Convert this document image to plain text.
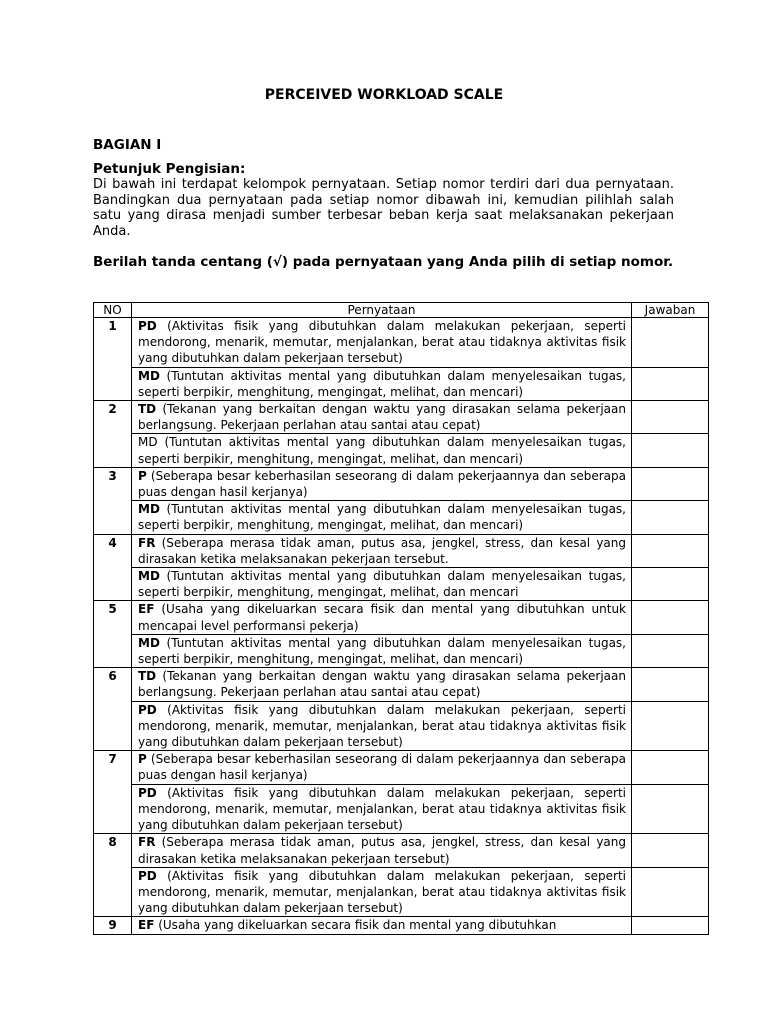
PERCEIVED WORKLOAD SCALE
BAGIAN I
Petunjuk Pengisian:
Di bawah ini terdapat kelompok pernyataan. Setiap nomor terdiri dari dua pernyataan. Bandingkan dua pernyataan pada setiap nomor dibawah ini, kemudian pilihlah salah satu yang dirasa menjadi sumber terbesar beban kerja saat melaksanakan pekerjaan Anda.
Berilah tanda centang (√) pada pernyataan yang Anda pilih di setiap nomor.
NO	Pernyataan	Jawaban
1	PD (Aktivitas fisik yang dibutuhkan dalam melakukan pekerjaan, seperti mendorong, menarik, memutar, menjalankan, berat atau tidaknya aktivitas fisik yang dibutuhkan dalam pekerjaan tersebut)	
	MD (Tuntutan aktivitas mental yang dibutuhkan dalam menyelesaikan tugas, seperti berpikir, menghitung, mengingat, melihat, dan mencari)	
2	TD (Tekanan yang berkaitan dengan waktu yang dirasakan selama pekerjaan berlangsung. Pekerjaan perlahan atau santai atau cepat)	
	MD (Tuntutan aktivitas mental yang dibutuhkan dalam menyelesaikan tugas, seperti berpikir, menghitung, mengingat, melihat, dan mencari)	
3	P (Seberapa besar keberhasilan seseorang di dalam pekerjaannya dan seberapa puas dengan hasil kerjanya)	
	MD (Tuntutan aktivitas mental yang dibutuhkan dalam menyelesaikan tugas, seperti berpikir, menghitung, mengingat, melihat, dan mencari)	
4	FR (Seberapa merasa tidak aman, putus asa, jengkel, stress, dan kesal yang dirasakan ketika melaksanakan pekerjaan tersebut.	
	MD (Tuntutan aktivitas mental yang dibutuhkan dalam menyelesaikan tugas, seperti berpikir, menghitung, mengingat, melihat, dan mencari	
5	EF (Usaha yang dikeluarkan secara fisik dan mental yang dibutuhkan untuk mencapai level performansi pekerja)	
	MD (Tuntutan aktivitas mental yang dibutuhkan dalam menyelesaikan tugas, seperti berpikir, menghitung, mengingat, melihat, dan mencari)	
6	TD (Tekanan yang berkaitan dengan waktu yang dirasakan selama pekerjaan berlangsung. Pekerjaan perlahan atau santai atau cepat)	
	PD (Aktivitas fisik yang dibutuhkan dalam melakukan pekerjaan, seperti mendorong, menarik, memutar, menjalankan, berat atau tidaknya aktivitas fisik yang dibutuhkan dalam pekerjaan tersebut)	
7	P (Seberapa besar keberhasilan seseorang di dalam pekerjaannya dan seberapa puas dengan hasil kerjanya)	
	PD (Aktivitas fisik yang dibutuhkan dalam melakukan pekerjaan, seperti mendorong, menarik, memutar, menjalankan, berat atau tidaknya aktivitas fisik yang dibutuhkan dalam pekerjaan tersebut)	
8	FR (Seberapa merasa tidak aman, putus asa, jengkel, stress, dan kesal yang dirasakan ketika melaksanakan pekerjaan tersebut)	
	PD (Aktivitas fisik yang dibutuhkan dalam melakukan pekerjaan, seperti mendorong, menarik, memutar, menjalankan, berat atau tidaknya aktivitas fisik yang dibutuhkan dalam pekerjaan tersebut)	
9	EF (Usaha yang dikeluarkan secara fisik dan mental yang dibutuhkan	
